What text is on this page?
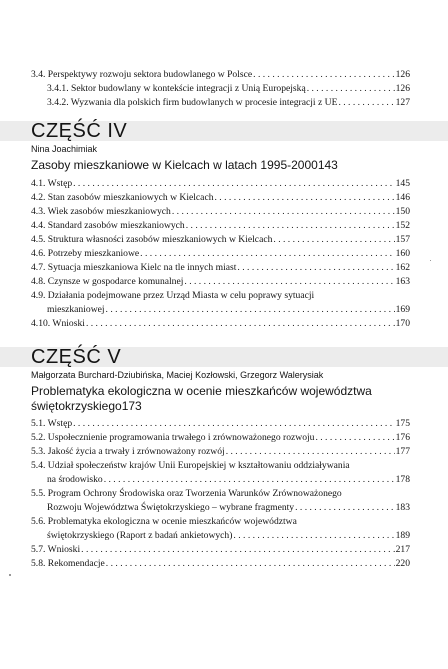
3.4. Perspektywy rozwoju sektora budowlanego w Polsce . . .	126
3.4.1. Sektor budowlany w kontekście integracji z Unią Europejską . . .	126
3.4.2. Wyzwania dla polskich firm budowlanych w procesie integracji z UE . . .	127
CZĘŚĆ IV
Nina Joachimiak
Zasoby mieszkaniowe w Kielcach w latach 1995-2000 143
4.1. Wstęp . . .	145
4.2. Stan zasobów mieszkaniowych w Kielcach . . .	146
4.3. Wiek zasobów mieszkaniowych . . .	150
4.4. Standard zasobów mieszkaniowych . . .	152
4.5. Struktura własności zasobów mieszkaniowych w Kielcach . . .	157
4.6. Potrzeby mieszkaniowe . . .	160
4.7. Sytuacja mieszkaniowa Kielc na tle innych miast . . .	162
4.8. Czynsze w gospodarce komunalnej . . .	163
4.9. Działania podejmowane przez Urząd Miasta w celu poprawy sytuacji
mieszkaniowej . . .	169
4.10. Wnioski . . .	170
CZĘŚĆ V
Małgorzata Burchard-Dziubińska, Maciej Kozłowski, Grzegorz Walerysiak
Problematyka ekologiczna w ocenie mieszkańców województwa
świętokrzyskiego 173
5.1. Wstęp . . .	175
5.2. Uspołecznienie programowania trwałego i zrównoważonego rozwoju . . .	176
5.3. Jakość życia a trwały i zrównoważony rozwój . . .	177
5.4. Udział społeczeństw krajów Unii Europejskiej w kształtowaniu oddziaływania
na środowisko . . .	178
5.5. Program Ochrony Środowiska oraz Tworzenia Warunków Zrównoważonego
Rozwoju Województwa Świętokrzyskiego – wybrane fragmenty . . .	183
5.6. Problematyka ekologiczna w ocenie mieszkańców województwa
świętokrzyskiego (Raport z badań ankietowych) . . .	189
5.7. Wnioski . . .	217
5.8. Rekomendacje . . .	220
